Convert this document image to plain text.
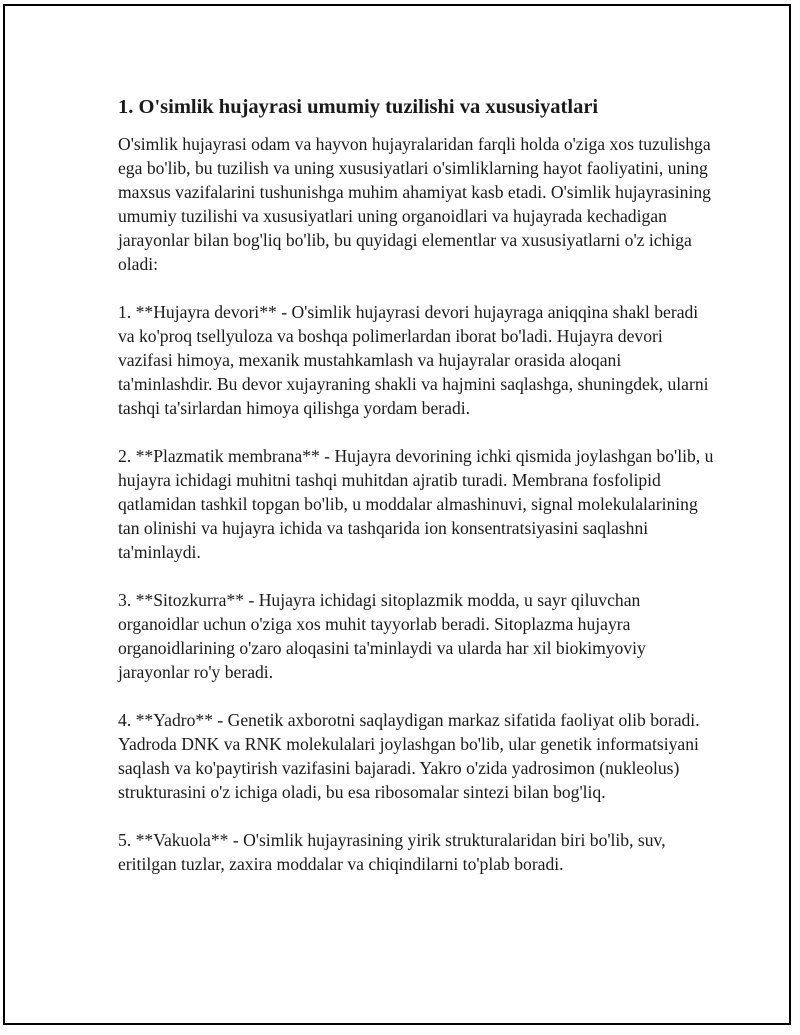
1. O'simlik hujayrasi umumiy tuzilishi va xususiyatlari

O'simlik hujayrasi odam va hayvon hujayralaridan farqli holda o'ziga xos tuzulishga ega bo'lib, bu tuzilish va uning xususiyatlari o'simliklarning hayot faoliyatini, uning maxsus vazifalarini tushunishga muhim ahamiyat kasb etadi. O'simlik hujayrasining umumiy tuzilishi va xususiyatlari uning organoidlari va hujayrada kechadigan jarayonlar bilan bog'liq bo'lib, bu quyidagi elementlar va xususiyatlarni o'z ichiga oladi:

1. **Hujayra devori** - O'simlik hujayrasi devori hujayraga aniqqina shakl beradi va ko'proq tsellyuloza va boshqa polimerlardan iborat bo'ladi. Hujayra devori vazifasi himoya, mexanik mustahkamlash va hujayralar orasida aloqani ta'minlashdir. Bu devor xujayraning shakli va hajmini saqlashga, shuningdek, ularni tashqi ta'sirlardan himoya qilishga yordam beradi.

2. **Plazmatik membrana** - Hujayra devorining ichki qismida joylashgan bo'lib, u hujayra ichidagi muhitni tashqi muhitdan ajratib turadi. Membrana fosfolipid qatlamidan tashkil topgan bo'lib, u moddalar almashinuvi, signal molekulalarining tan olinishi va hujayra ichida va tashqarida ion konsentratsiyasini saqlashni ta'minlaydi.

3. **Sitozkurra** - Hujayra ichidagi sitoplazmik modda, u sayr qiluvchan organoidlar uchun o'ziga xos muhit tayyorlab beradi. Sitoplazma hujayra organoidlarining o'zaro aloqasini ta'minlaydi va ularda har xil biokimyoviy jarayonlar ro'y beradi.

4. **Yadro** - Genetik axborotni saqlaydigan markaz sifatida faoliyat olib boradi. Yadroda DNK va RNK molekulalari joylashgan bo'lib, ular genetik informatsiyani saqlash va ko'paytirish vazifasini bajaradi. Yakro o'zida yadrosimon (nukleolus) strukturasini o'z ichiga oladi, bu esa ribosomalar sintezi bilan bog'liq.

5. **Vakuola** - O'simlik hujayrasining yirik strukturalaridan biri bo'lib, suv, eritilgan tuzlar, zaxira moddalar va chiqindilarni to'plab boradi.
